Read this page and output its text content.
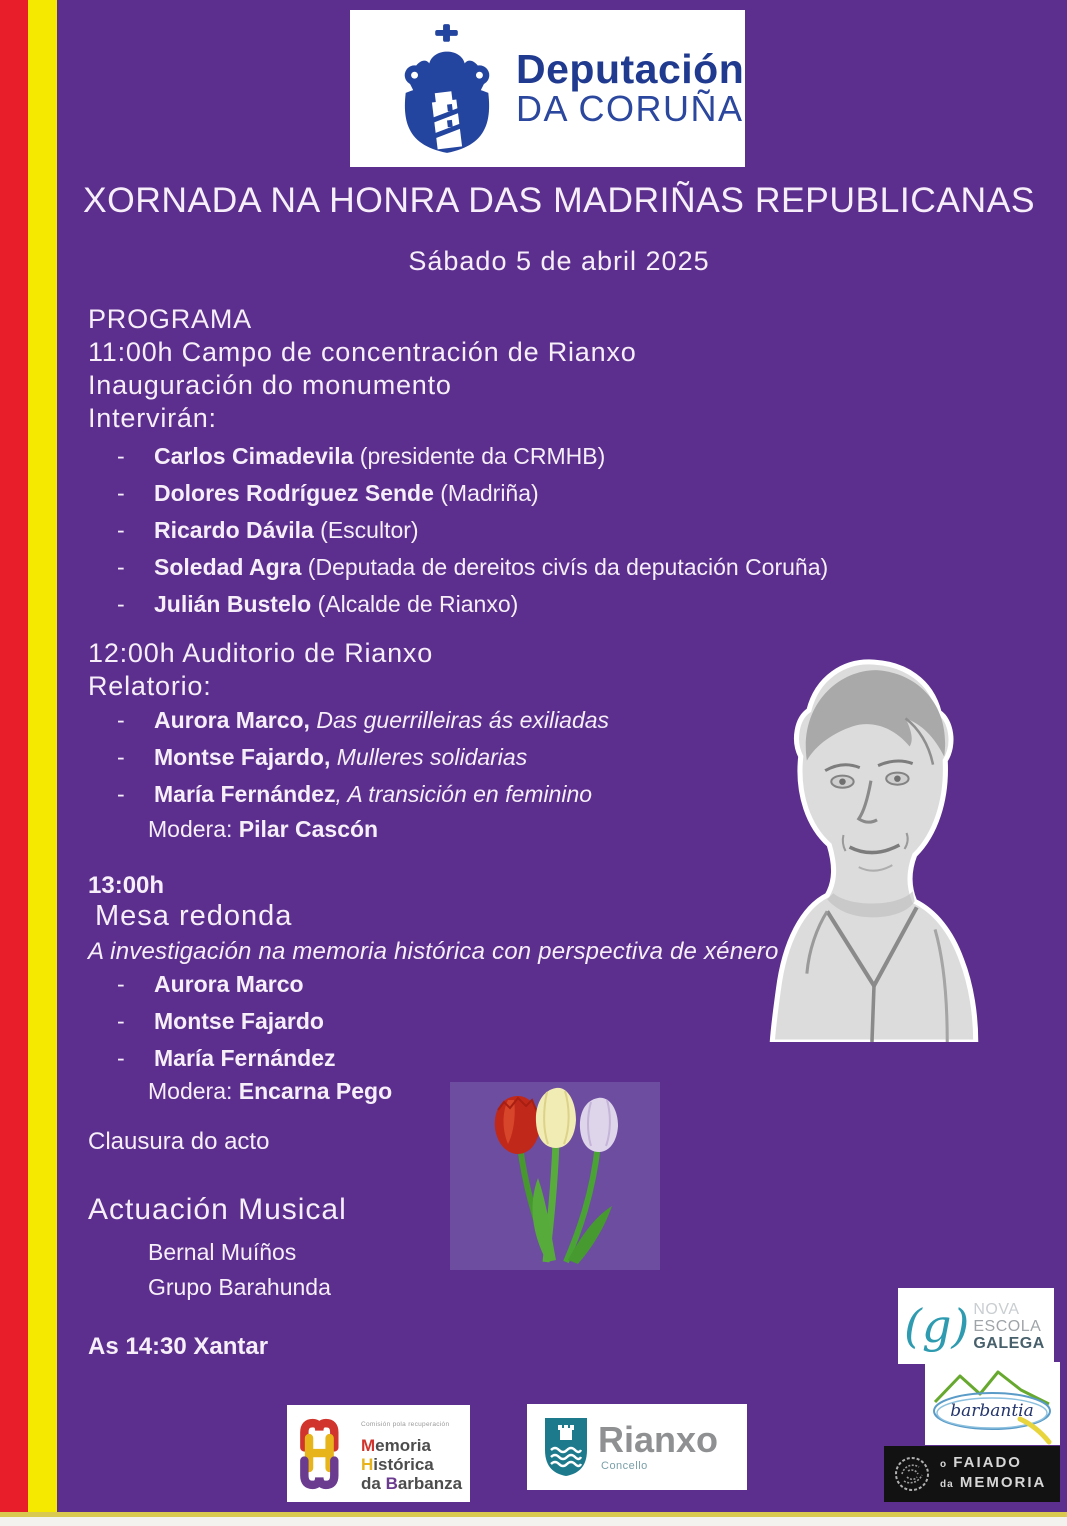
Deputación
DA CORUÑA
XORNADA NA HONRA DAS MADRIÑAS REPUBLICANAS
Sábado 5 de abril 2025
PROGRAMA
11:00h Campo de concentración de Rianxo
Inauguración do monumento
Intervirán:
-	Carlos Cimadevila (presidente da CRMHB)
-	Dolores Rodríguez Sende (Madriña)
-	Ricardo Dávila (Escultor)
-	Soledad Agra (Deputada de dereitos civís da deputación Coruña)
-	Julián Bustelo (Alcalde de Rianxo)
12:00h Auditorio de Rianxo
Relatorio:
-	Aurora Marco, Das guerrilleiras ás exiliadas
-	Montse Fajardo, Mulleres solidarias
-	María Fernández, A transición en feminino
Modera: Pilar Cascón
13:00h
Mesa redonda
A investigación na memoria histórica con perspectiva de xénero
-	Aurora Marco
-	Montse Fajardo
-	María Fernández
Modera: Encarna Pego
Clausura do acto
Actuación Musical
Bernal Muíños
Grupo Barahunda
As 14:30 Xantar
Comisión pola recuperación
Memoria
Histórica
da Barbanza
Rianxo
Concello
(g) NOVA
ESCOLA
GALEGA
barbantia
o FAIADO
da MEMORIA
